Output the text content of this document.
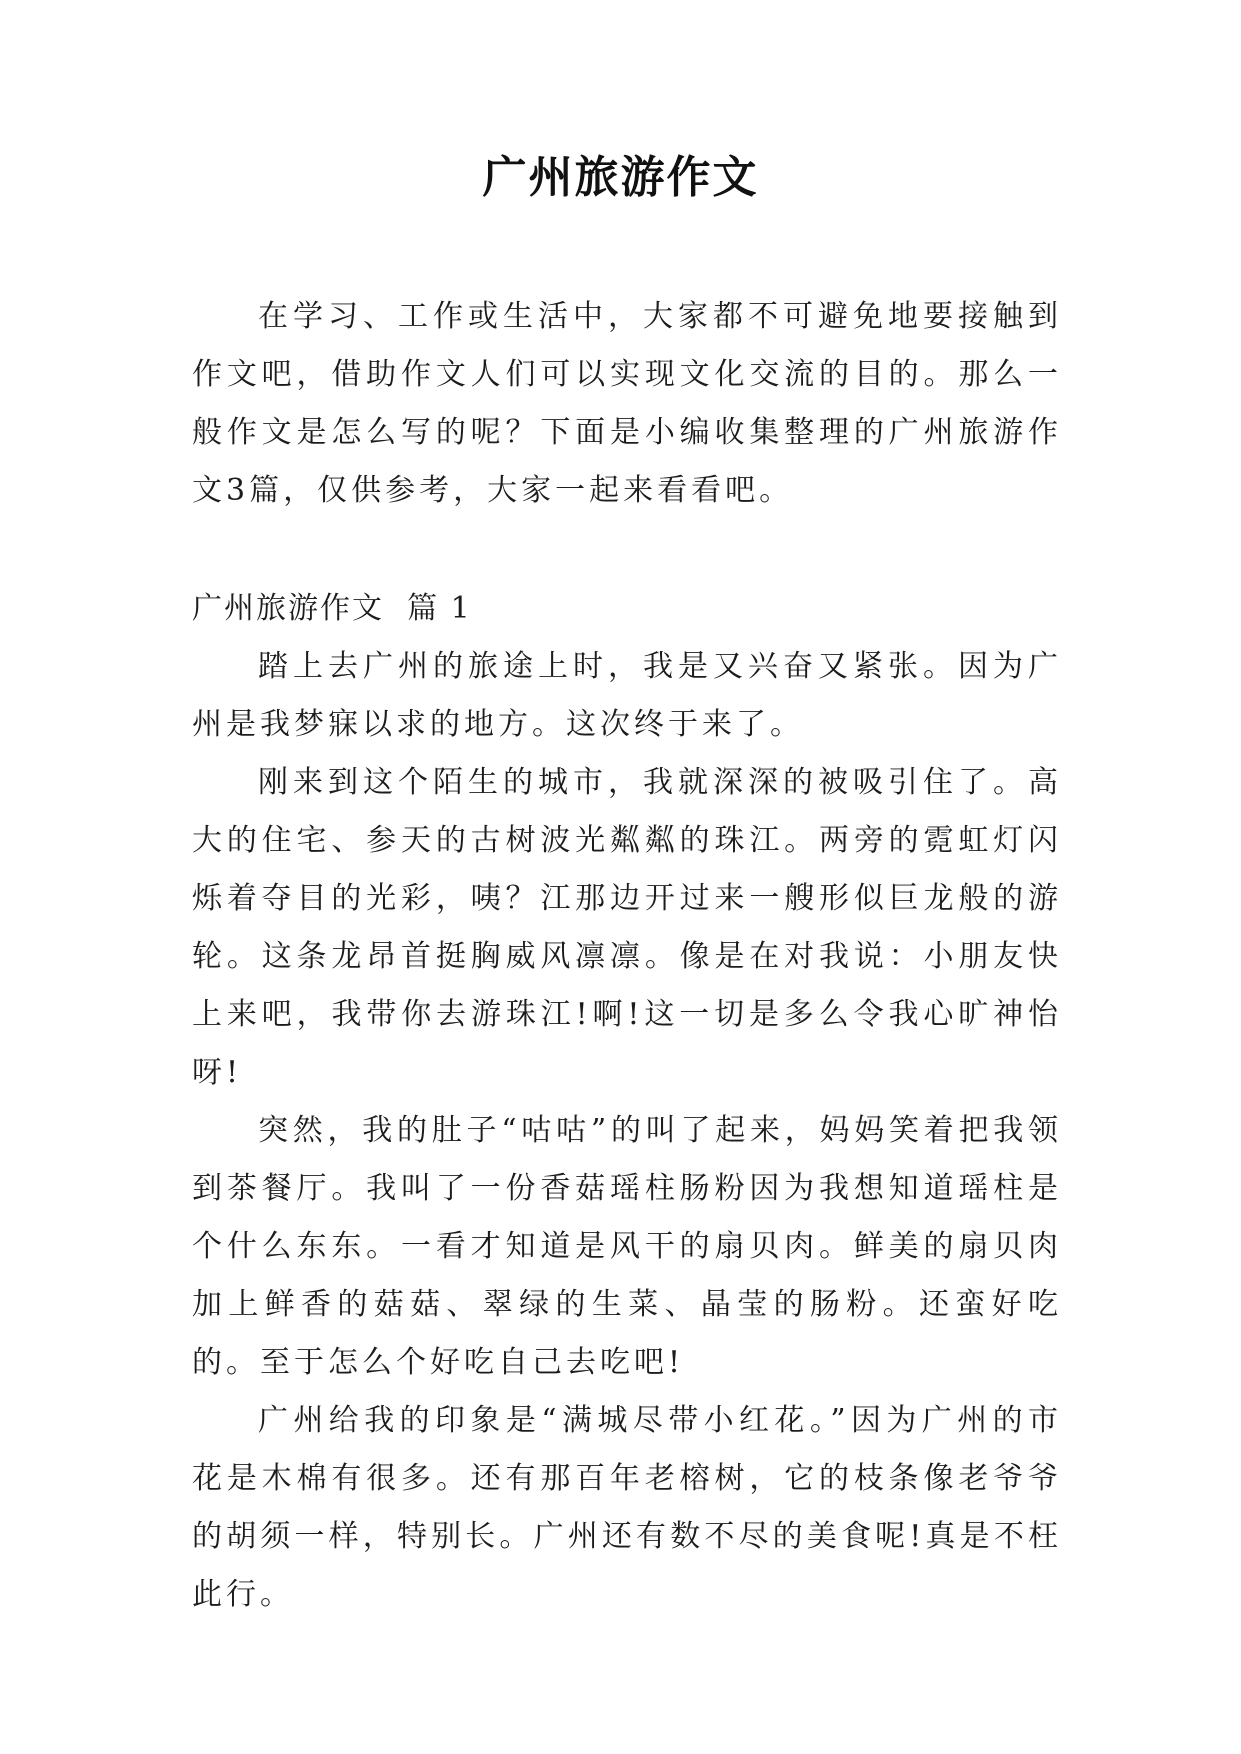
广州旅游作文

在学习、工作或生活中，大家都不可避免地要接触到作文吧，借助作文人们可以实现文化交流的目的。那么一般作文是怎么写的呢？下面是小编收集整理的广州旅游作文3篇，仅供参考，大家一起来看看吧。

广州旅游作文  篇 1

踏上去广州的旅途上时，我是又兴奋又紧张。因为广州是我梦寐以求的地方。这次终于来了。

刚来到这个陌生的城市，我就深深的被吸引住了。高大的住宅、参天的古树波光粼粼的珠江。两旁的霓虹灯闪烁着夺目的光彩，咦？江那边开过来一艘形似巨龙般的游轮。这条龙昂首挺胸威风凛凛。像是在对我说：小朋友快上来吧，我带你去游珠江!啊!这一切是多么令我心旷神怡呀!

突然，我的肚子“咕咕”的叫了起来，妈妈笑着把我领到茶餐厅。我叫了一份香菇瑶柱肠粉因为我想知道瑶柱是个什么东东。一看才知道是风干的扇贝肉。鲜美的扇贝肉加上鲜香的菇菇、翠绿的生菜、晶莹的肠粉。还蛮好吃的。至于怎么个好吃自己去吃吧!

广州给我的印象是“满城尽带小红花。”因为广州的市花是木棉有很多。还有那百年老榕树，它的枝条像老爷爷的胡须一样，特别长。广州还有数不尽的美食呢!真是不枉此行。
